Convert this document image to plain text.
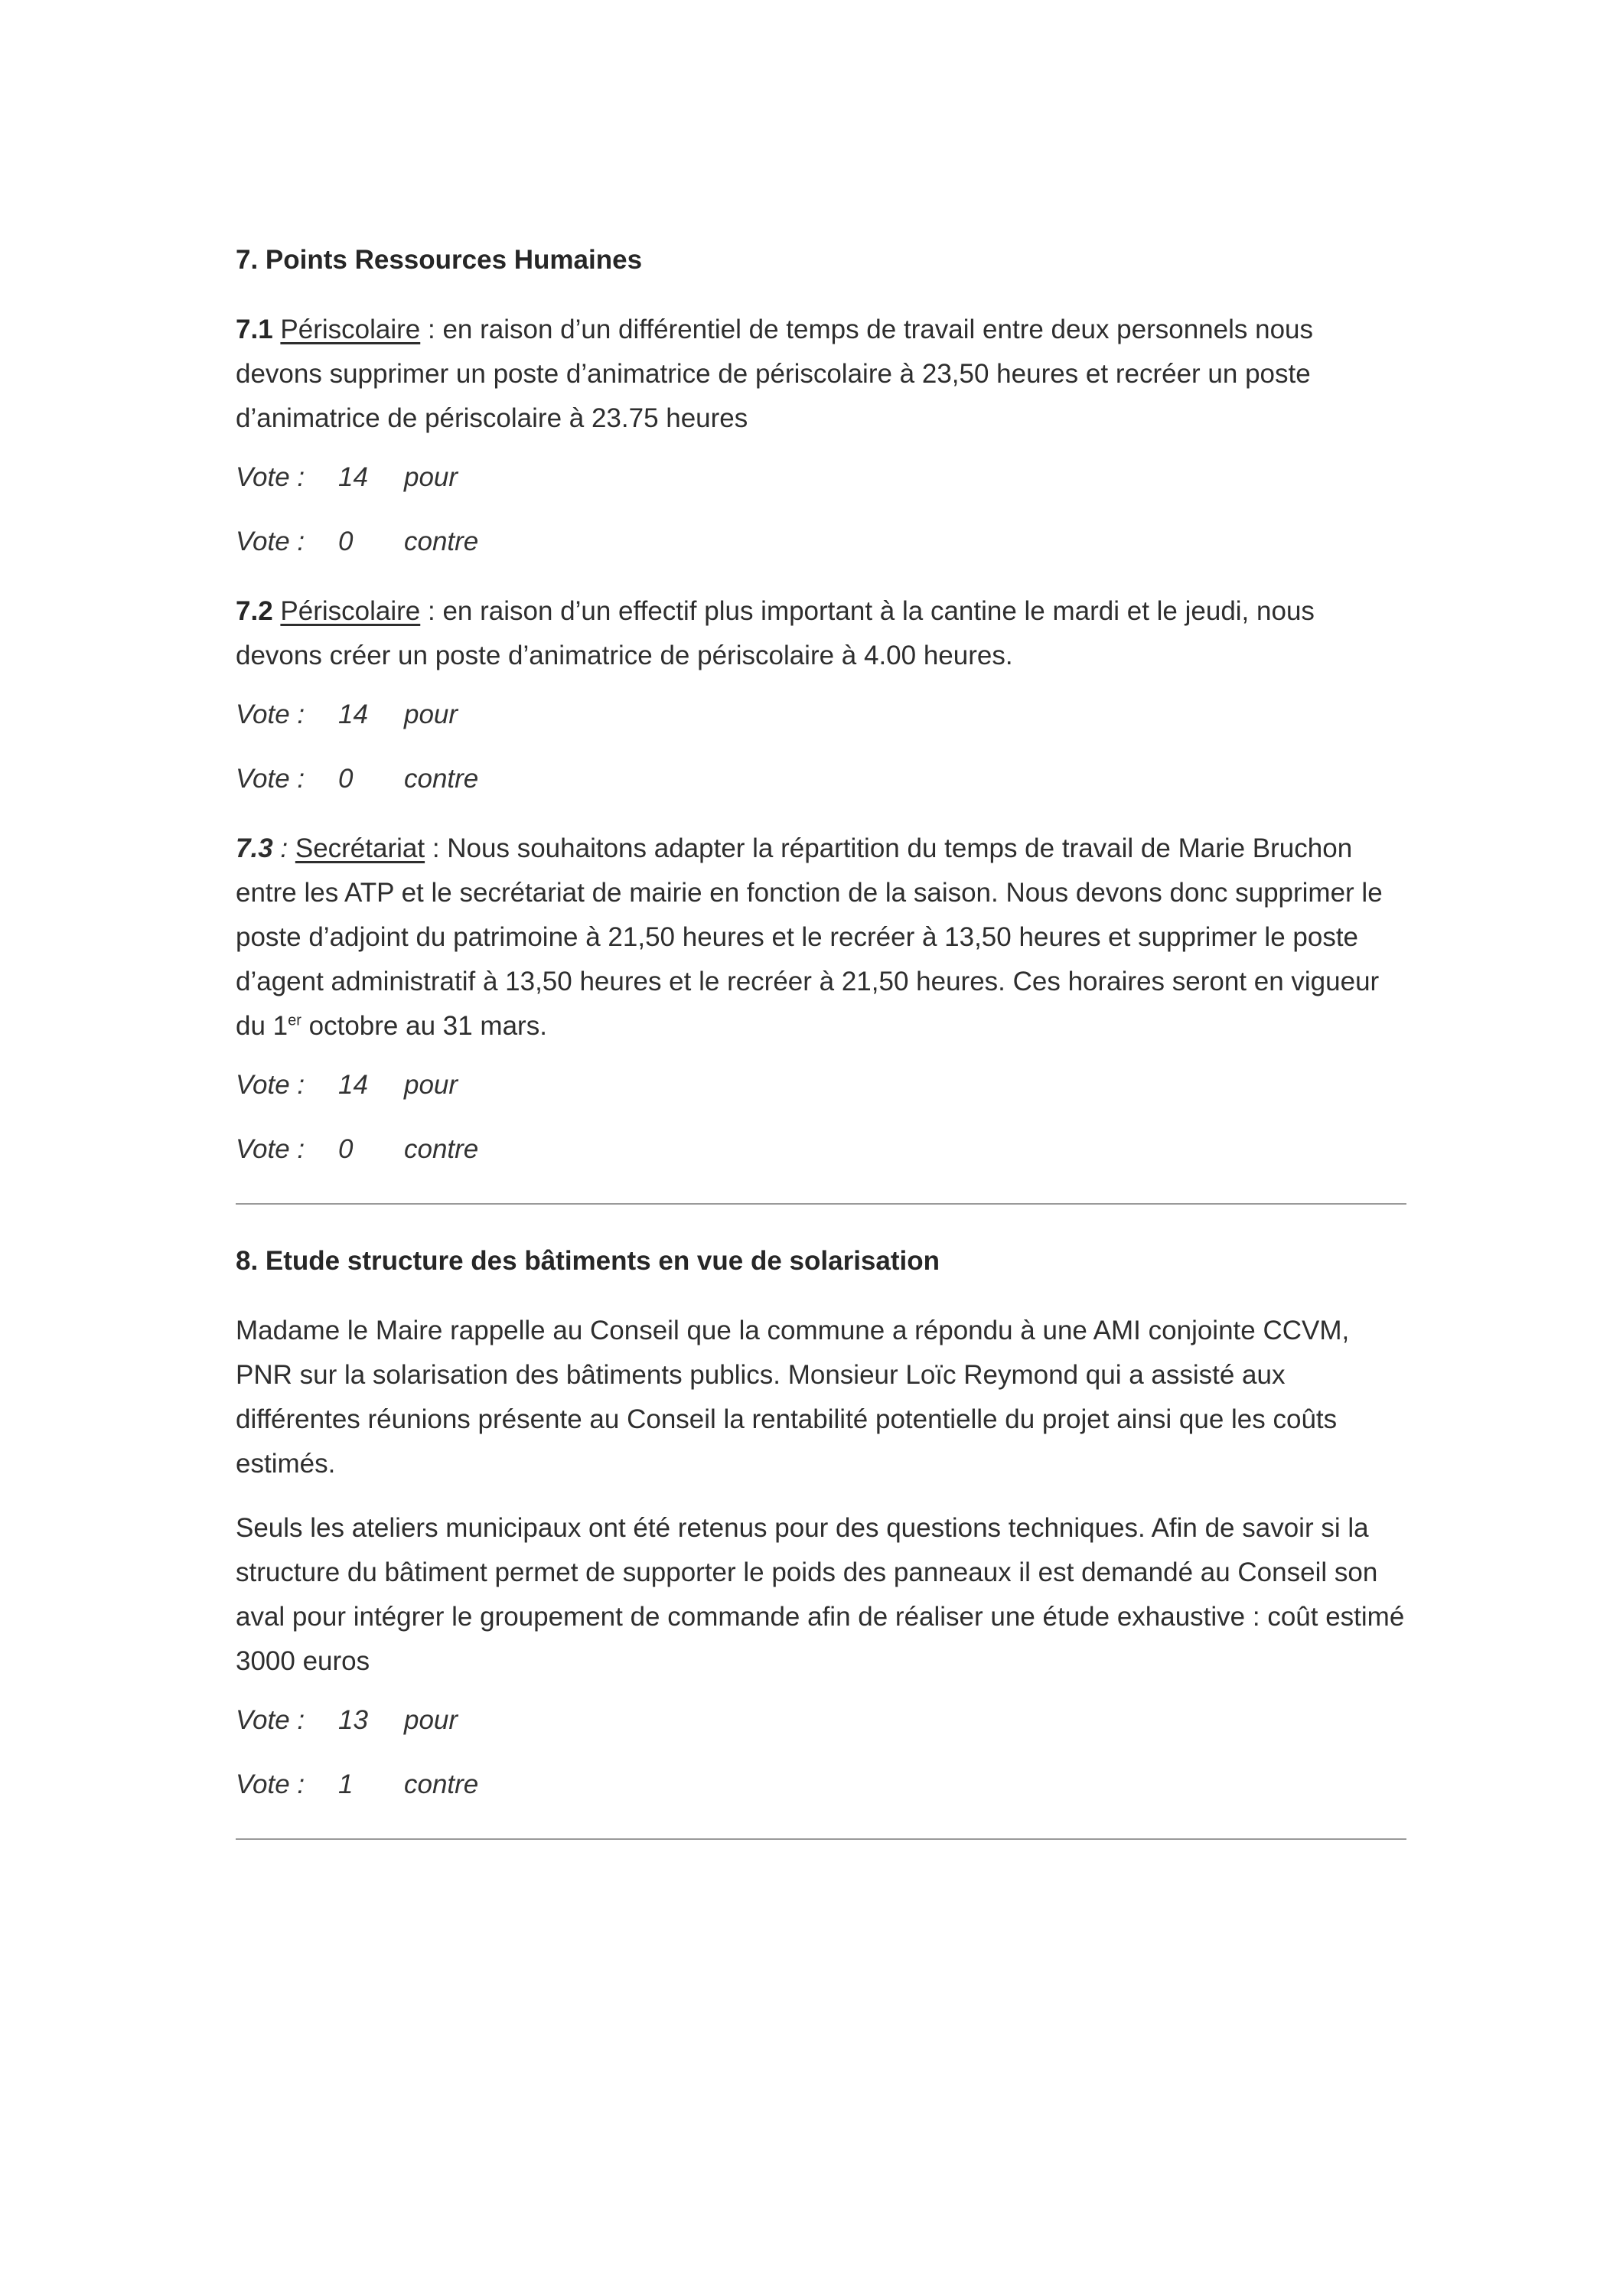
7. Points Ressources Humaines

7.1 Périscolaire : en raison d’un différentiel de temps de travail entre deux personnels nous devons supprimer un poste d’animatrice de périscolaire à 23,50 heures et recréer un poste d’animatrice de périscolaire à 23.75 heures

Vote : 14 pour
Vote : 0 contre

7.2 Périscolaire : en raison d’un effectif plus important à la cantine le mardi et le jeudi, nous devons créer un poste d’animatrice de périscolaire à 4.00 heures.

Vote : 14 pour
Vote : 0 contre

7.3 : Secrétariat : Nous souhaitons adapter la répartition du temps de travail de Marie Bruchon entre les ATP et le secrétariat de mairie en fonction de la saison. Nous devons donc supprimer le poste d’adjoint du patrimoine à 21,50 heures et le recréer à 13,50 heures et supprimer le poste d’agent administratif à 13,50 heures et le recréer à 21,50 heures. Ces horaires seront en vigueur du 1er octobre au 31 mars.

Vote : 14 pour
Vote : 0 contre
8. Etude structure des bâtiments en vue de solarisation

Madame le Maire rappelle au Conseil que la commune a répondu à une AMI conjointe CCVM, PNR sur la solarisation des bâtiments publics. Monsieur Loïc Reymond qui a assisté aux différentes réunions présente au Conseil la rentabilité potentielle du projet ainsi que les coûts estimés.

Seuls les ateliers municipaux ont été retenus pour des questions techniques. Afin de savoir si la structure du bâtiment permet de supporter le poids des panneaux il est demandé au Conseil son aval pour intégrer le groupement de commande afin de réaliser une étude exhaustive : coût estimé 3000 euros

Vote : 13 pour
Vote : 1 contre
